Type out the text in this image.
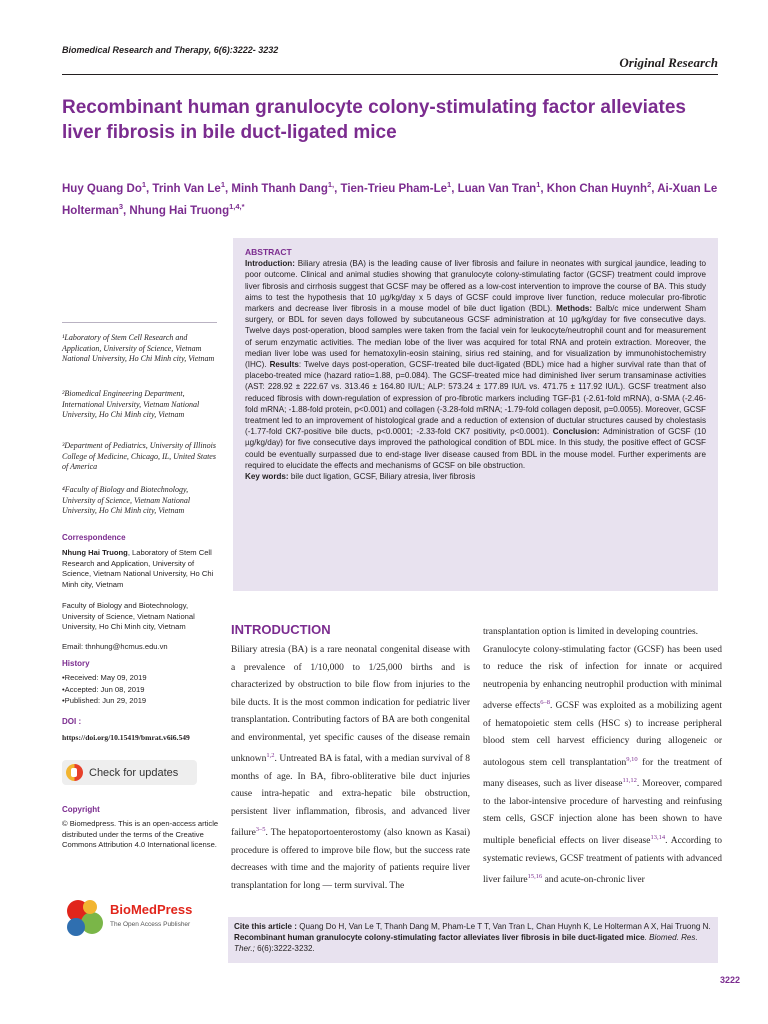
Biomedical Research and Therapy, 6(6):3222- 3232
Original Research
Recombinant human granulocyte colony-stimulating factor alleviates liver fibrosis in bile duct-ligated mice
Huy Quang Do$^1$, Trinh Van Le$^1$, Minh Thanh Dang$^{1,}$, Tien-Trieu Pham-Le$^1$, Luan Van Tran$^1$, Khon Chan Huynh$^2$, Ai-Xuan Le Holterman$^3$, Nhung Hai Truong$^{1,4,*}$
ABSTRACT
Introduction: Biliary atresia (BA) is the leading cause of liver fibrosis and failure in neonates with surgical jaundice, leading to poor outcome. Clinical and animal studies showing that granulocyte colony-stimulating factor (GCSF) treatment could improve liver fibrosis and cirrhosis suggest that GCSF may be offered as a low-cost intervention to improve the course of BA. This study aims to test the hypothesis that 10 µg/kg/day x 5 days of GCSF could improve liver function, reduce molecular pro-fibrotic markers and decrease liver fibrosis in a mouse model of bile duct ligation (BDL). Methods: Balb/c mice underwent Sham surgery, or BDL for seven days followed by subcutaneous GCSF administration at 10 µg/kg/day for five consecutive days. Twelve days post-operation, blood samples were taken from the facial vein for leukocyte/neutrophil count and for measurement of serum enzymatic activities. The median lobe of the liver was acquired for total RNA and protein extraction. Moreover, the median liver lobe was used for hematoxylin-eosin staining, sirius red staining, and for visualization by immunohistochemistry (IHC). Results: Twelve days post-operation, GCSF-treated bile duct-ligated (BDL) mice had a higher survival rate than that of placebo-treated mice (hazard ratio=1.88, p=0.084). The GCSF-treated mice had diminished liver serum transaminase activities (AST: 228.92 ± 222.67 vs. 313.46 ± 164.80 IU/L; ALP: 573.24 ± 177.89 IU/L vs. 471.75 ± 117.92 IU/L). GCSF treatment also reduced fibrosis with down-regulation of expression of pro-fibrotic markers including TGF-β1 (-2.61-fold mRNA), α-SMA (-2.46-fold mRNA; -1.88-fold protein, p<0.001) and collagen (-3.28-fold mRNA; -1.79-fold collagen deposit, p=0.0055). Moreover, GCSF treatment led to an improvement of histological grade and a reduction of extension of ductular structures caused by cholestasis (-1.77-fold CK7-positive bile ducts, p<0.0001; -2.33-fold CK7 positivity, p<0.0001). Conclusion: Administration of GCSF (10 µg/kg/day) for five consecutive days improved the pathological condition of BDL mice. In this study, the positive effect of GCSF could be eventually surpassed due to end-stage liver disease caused from BDL in the mouse model. Further experiments are required to elucidate the effects and mechanisms of GCSF on bile obstruction.
Key words: bile duct ligation, GCSF, Biliary atresia, liver fibrosis
¹Laboratory of Stem Cell Research and Application, University of Science, Vietnam National University, Ho Chi Minh city, Vietnam
²Biomedical Engineering Department, International University, Vietnam National University, Ho Chi Minh city, Vietnam
³Department of Pediatrics, University of Illinois College of Medicine, Chicago, IL, United States of America
⁴Faculty of Biology and Biotechnology, University of Science, Vietnam National University, Ho Chi Minh city, Vietnam
Correspondence
Nhung Hai Truong, Laboratory of Stem Cell Research and Application, University of Science, Vietnam National University, Ho Chi Minh city, Vietnam
Faculty of Biology and Biotechnology, University of Science, Vietnam National University, Ho Chi Minh city, Vietnam
Email: thnhung@hcmus.edu.vn
History
• Received: May 09, 2019
• Accepted: Jun 08, 2019
• Published: Jun 29, 2019
DOI :
https://doi.org/10.15419/bmrat.v6i6.549
Check for updates
Copyright
© Biomedpress. This is an open-access article distributed under the terms of the Creative Commons Attribution 4.0 International license.
BioMedPress
The Open Access Publisher
INTRODUCTION
Biliary atresia (BA) is a rare neonatal congenital disease with a prevalence of 1/10,000 to 1/25,000 births and is characterized by obstruction to bile flow from injuries to the bile ducts. It is the most common indication for pediatric liver transplantation. Contributing factors of BA are both congenital and environmental, yet specific causes of the disease remain unknown$^{1,2}$. Untreated BA is fatal, with a median survival of 8 months of age. In BA, fibro-obliterative bile duct injuries cause intra-hepatic and extra-hepatic bile obstruction, persistent liver inflammation, fibrosis, and advanced liver failure$^{3-5}$. The hepatoportoenterostomy (also known as Kasai) procedure is offered to improve bile flow, but the success rate decreases with time and the majority of patients require liver transplantation for long — term survival. The
transplantation option is limited in developing countries.
Granulocyte colony-stimulating factor (GCSF) has been used to reduce the risk of infection for innate or acquired neutropenia by enhancing neutrophil production with minimal adverse effects$^{6-8}$. GCSF was exploited as a mobilizing agent of hematopoietic stem cells (HSC s) to increase peripheral blood stem cell harvest efficiency during allogeneic or autologous stem cell transplantation$^{9,10}$ for the treatment of many diseases, such as liver disease$^{11,12}$. Moreover, compared to the labor-intensive procedure of harvesting and reinfusing stem cells, GSCF injection alone has been shown to have multiple beneficial effects on liver disease$^{13,14}$. According to systematic reviews, GCSF treatment of patients with advanced liver failure$^{15,16}$ and acute-on-chronic liver
Cite this article : Quang Do H, Van Le T, Thanh Dang M, Pham-Le T T, Van Tran L, Chan Huynh K, Le Holterman A X, Hai Truong N. Recombinant human granulocyte colony-stimulating factor alleviates liver fibrosis in bile duct-ligated mice. Biomed. Res. Ther.; 6(6):3222-3232.
3222
